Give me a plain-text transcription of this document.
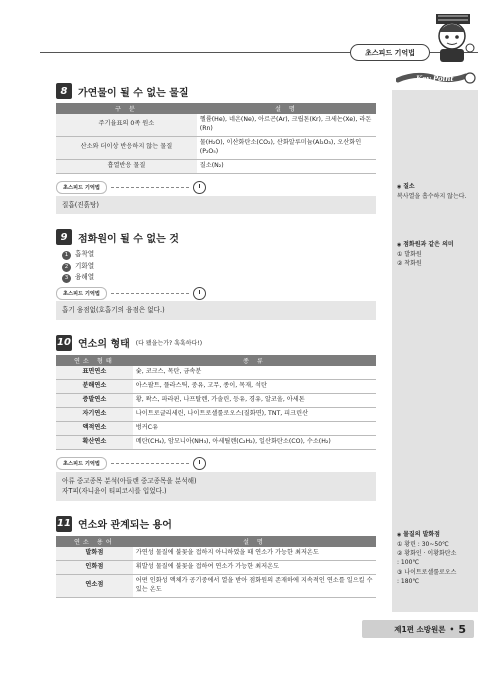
초스피드 기억법
Key Point
◉ 질소
복사열을 흡수하지 않는다.
◉ 점화원과 같은 의미
① 발화원
② 착화원
◉ 물질의 발화점
① 황린 : 30~50℃
② 황화인 · 이황화탄소
: 100℃
③ 나이트로셀룰로오스
: 180℃
8	가연물이 될 수 없는 물질
구 분	설 명
주기율표의 0족 원소	헬륨(He), 네온(Ne), 아르곤(Ar), 크립톤(Kr), 크세논(Xe), 라돈(Rn)
산소와 더이상 반응하지 않는 물질	물(H₂O), 이산화탄소(CO₂), 산화알루미늄(Al₂O₃), 오산화인(P₂O₅)
흡열반응 물질	질소(N₂)
초스피드 기억법
질흡(진흙탕)
9	점화원이 될 수 없는 것
1 흡착열
2 기화열
3 융해열
초스피드 기억법
흡기 융점없(호흡기의 융점은 없다.)
10 연소의 형태 (다 됐을는가? 훅훅하다!)
연소 형태	종 류
표면연소	숯, 코크스, 목탄, 금속분
분해연소	아스팔트, 플라스틱, 중유, 고무, 종이, 목재, 석탄
증발연소	황, 왁스, 파라핀, 나프탈렌, 가솔린, 등유, 경유, 알코올, 아세톤
자기연소	나이트로글리세린, 나이트로셀룰로오스(질화면), TNT, 피크린산
액적연소	벙커C유
확산연소	메탄(CH₄), 암모니아(NH₃), 아세틸렌(C₂H₂), 일산화탄소(CO), 수소(H₂)
초스피드 기억법
아류 중고종목 분석(아들랜 중고종목을 분석해)
자T피(자니윤이 티피코시를 입었다.)
11 연소와 관계되는 용어
연소 용어	설 명
발화점	가연성 물질에 불꽃을 접하지 아니하였을 때 연소가 가능한 최저온도
인화점	휘발성 물질에 불꽃을 접하여 연소가 가능한 최저온도
연소점	어떤 인화성 액체가 공기중에서 열을 받아 점화원의 존재하에 지속적인 연소를 일으킬 수 있는 온도
제1편 소방원론 • 5
